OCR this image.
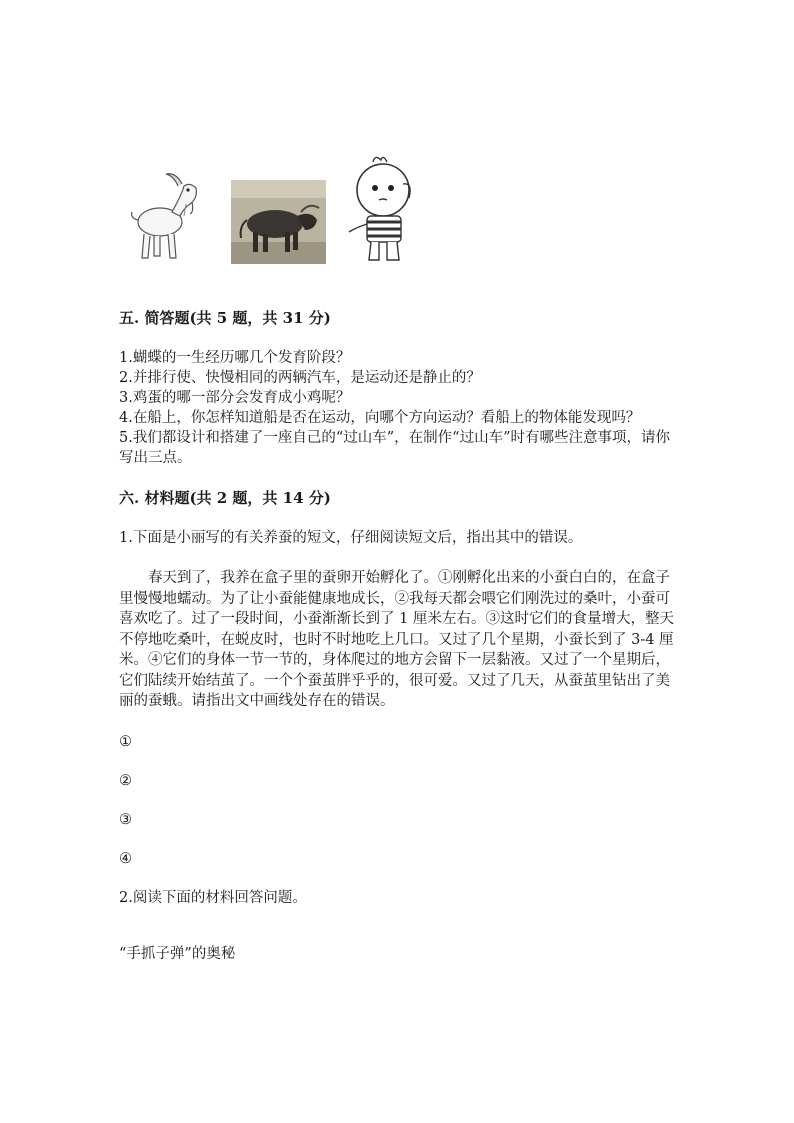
五. 简答题(共 5 题，共 31 分)

1.蝴蝶的一生经历哪几个发育阶段？

2.并排行使、快慢相同的两辆汽车，是运动还是静止的？

3.鸡蛋的哪一部分会发育成小鸡呢？

4.在船上，你怎样知道船是否在运动，向哪个方向运动？看船上的物体能发现吗？

5.我们都设计和搭建了一座自己的“过山车”，在制作“过山车”时有哪些注意事项，请你写出三点。

六. 材料题(共 2 题，共 14 分)

1.下面是小丽写的有关养蚕的短文，仔细阅读短文后，指出其中的错误。

春天到了，我养在盒子里的蚕卵开始孵化了。①刚孵化出来的小蚕白白的，在盒子里慢慢地蠕动。为了让小蚕能健康地成长，②我每天都会喂它们刚洗过的桑叶，小蚕可喜欢吃了。过了一段时间，小蚕渐渐长到了 1 厘米左右。③这时它们的食量增大，整天不停地吃桑叶，在蜕皮时，也时不时地吃上几口。又过了几个星期，小蚕长到了 3-4 厘米。④它们的身体一节一节的，身体爬过的地方会留下一层黏液。又过了一个星期后，它们陆续开始结茧了。一个个蚕茧胖乎乎的，很可爱。又过了几天，从蚕茧里钻出了美丽的蚕蛾。请指出文中画线处存在的错误。

①

②

③

④

2.阅读下面的材料回答问题。

“手抓子弹”的奥秘
